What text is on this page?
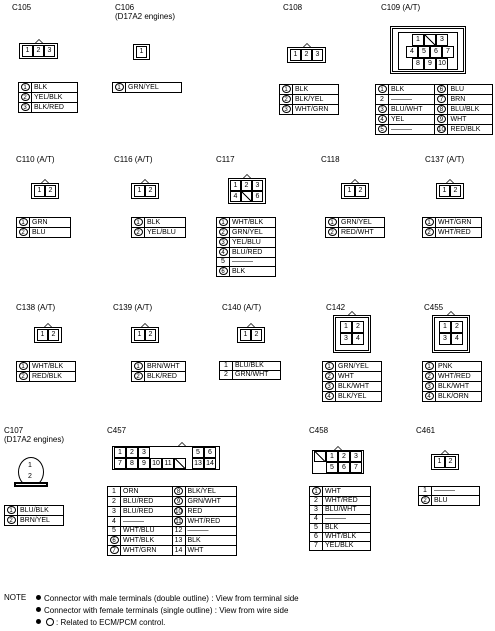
C105
1	2	3
1	BLK
2	YEL/BLK
3	BLK/RED
C106
(D17A2 engines)
1
1	GRN/YEL
C108
1	2	3
1	BLK
2	BLK/YEL
3	WHT/GRN
C109 (A/T)
1	3
4	5	6	7
8	9 10
1	BLK	6	BLU
2	———	7	BRN
3	BLU/WHT	8	BLU/BLK
4	YEL	9	WHT
5	———	10	RED/BLK
C110 (A/T)
1	2
1	GRN
2	BLU
C116 (A/T)
1	2
1	BLK
2	YEL/BLU
C117
1	2	3
4	6
1	WHT/BLK
2	GRN/YEL
3	YEL/BLU
4	BLU/RED
5	———
6	BLK
C118
1	2
1	GRN/YEL
2	RED/WHT
C137 (A/T)
1	2
1	WHT/GRN
2	WHT/RED
C138 (A/T)
1	2
1	WHT/BLK
2	RED/BLK
C139 (A/T)
1	2
1	BRN/WHT
2	BLK/RED
C140 (A/T)
1	2
1	BLU/BLK
2	GRN/WHT
C142
1	2
3	4
1	GRN/YEL
2	WHT
3	BLK/WHT
4	BLK/YEL
C455
1	2
3	4
1	PNK
2	WHT/RED
3	BLK/WHT
4	BLK/ORN
C107
(D17A2 engines)
1
2
1	BLU/BLK
2	BRN/YEL
C457
1	2	3	5	6
7	8	9 10 11	13 14
1	ORN	8	BLK/YEL
2	BLU/RED	9	GRN/WHT
3	BLU/RED	10	RED
4	———	11	WHT/RED
5	WHT/BLU	12	———
6	WHT/BLK	13	BLK
7	WHT/GRN	14	WHT
C458
1	2	3
5	6	7
1	WHT
2	WHT/RED
3	BLU/WHT
4	———
5	BLK
6	WHT/BLK
7	YEL/BLK
C461
1	2
1	———
2	BLU
NOTE	Connector with male terminals (double outline) : View from terminal side
Connector with female terminals (single outline) : View from wire side
: Related to ECM/PCM control.
